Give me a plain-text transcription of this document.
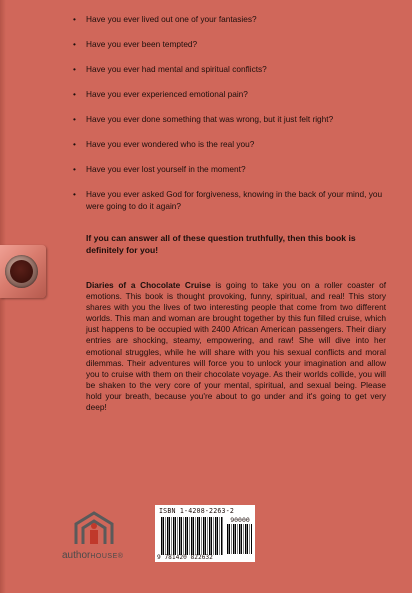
• Have you ever lived out one of your fantasies?
• Have you ever been tempted?
• Have you ever had mental and spiritual conflicts?
• Have you ever experienced emotional pain?
• Have you ever done something that was wrong, but it just felt right?
• Have you ever wondered who is the real you?
• Have you ever lost yourself in the moment?
• Have you ever asked God for forgiveness, knowing in the back of your mind, you were going to do it again?
If you can answer all of these question truthfully, then this book is definitely for you!

Diaries of a Chocolate Cruise is going to take you on a roller coaster of emotions. This book is thought provoking, funny, spiritual, and real! This story shares with you the lives of two interesting people that come from two different worlds. This man and woman are brought together by this fun filled cruise, which just happens to be occupied with 2400 African American passengers. Their diary entries are shocking, steamy, empowering, and raw! She will dive into her emotional struggles, while he will share with you his sexual conflicts and moral dilemmas. Their adventures will force you to unlock your imagination and allow you to cruise with them on their chocolate voyage. As their worlds collide, you will be shaken to the very core of your mental, spiritual, and sexual being. Please hold your breath, because you're about to go under and it's going to get very deep!

authorHOUSE®
ISBN 1-4208-2263-2
90000
9 781420 822632
